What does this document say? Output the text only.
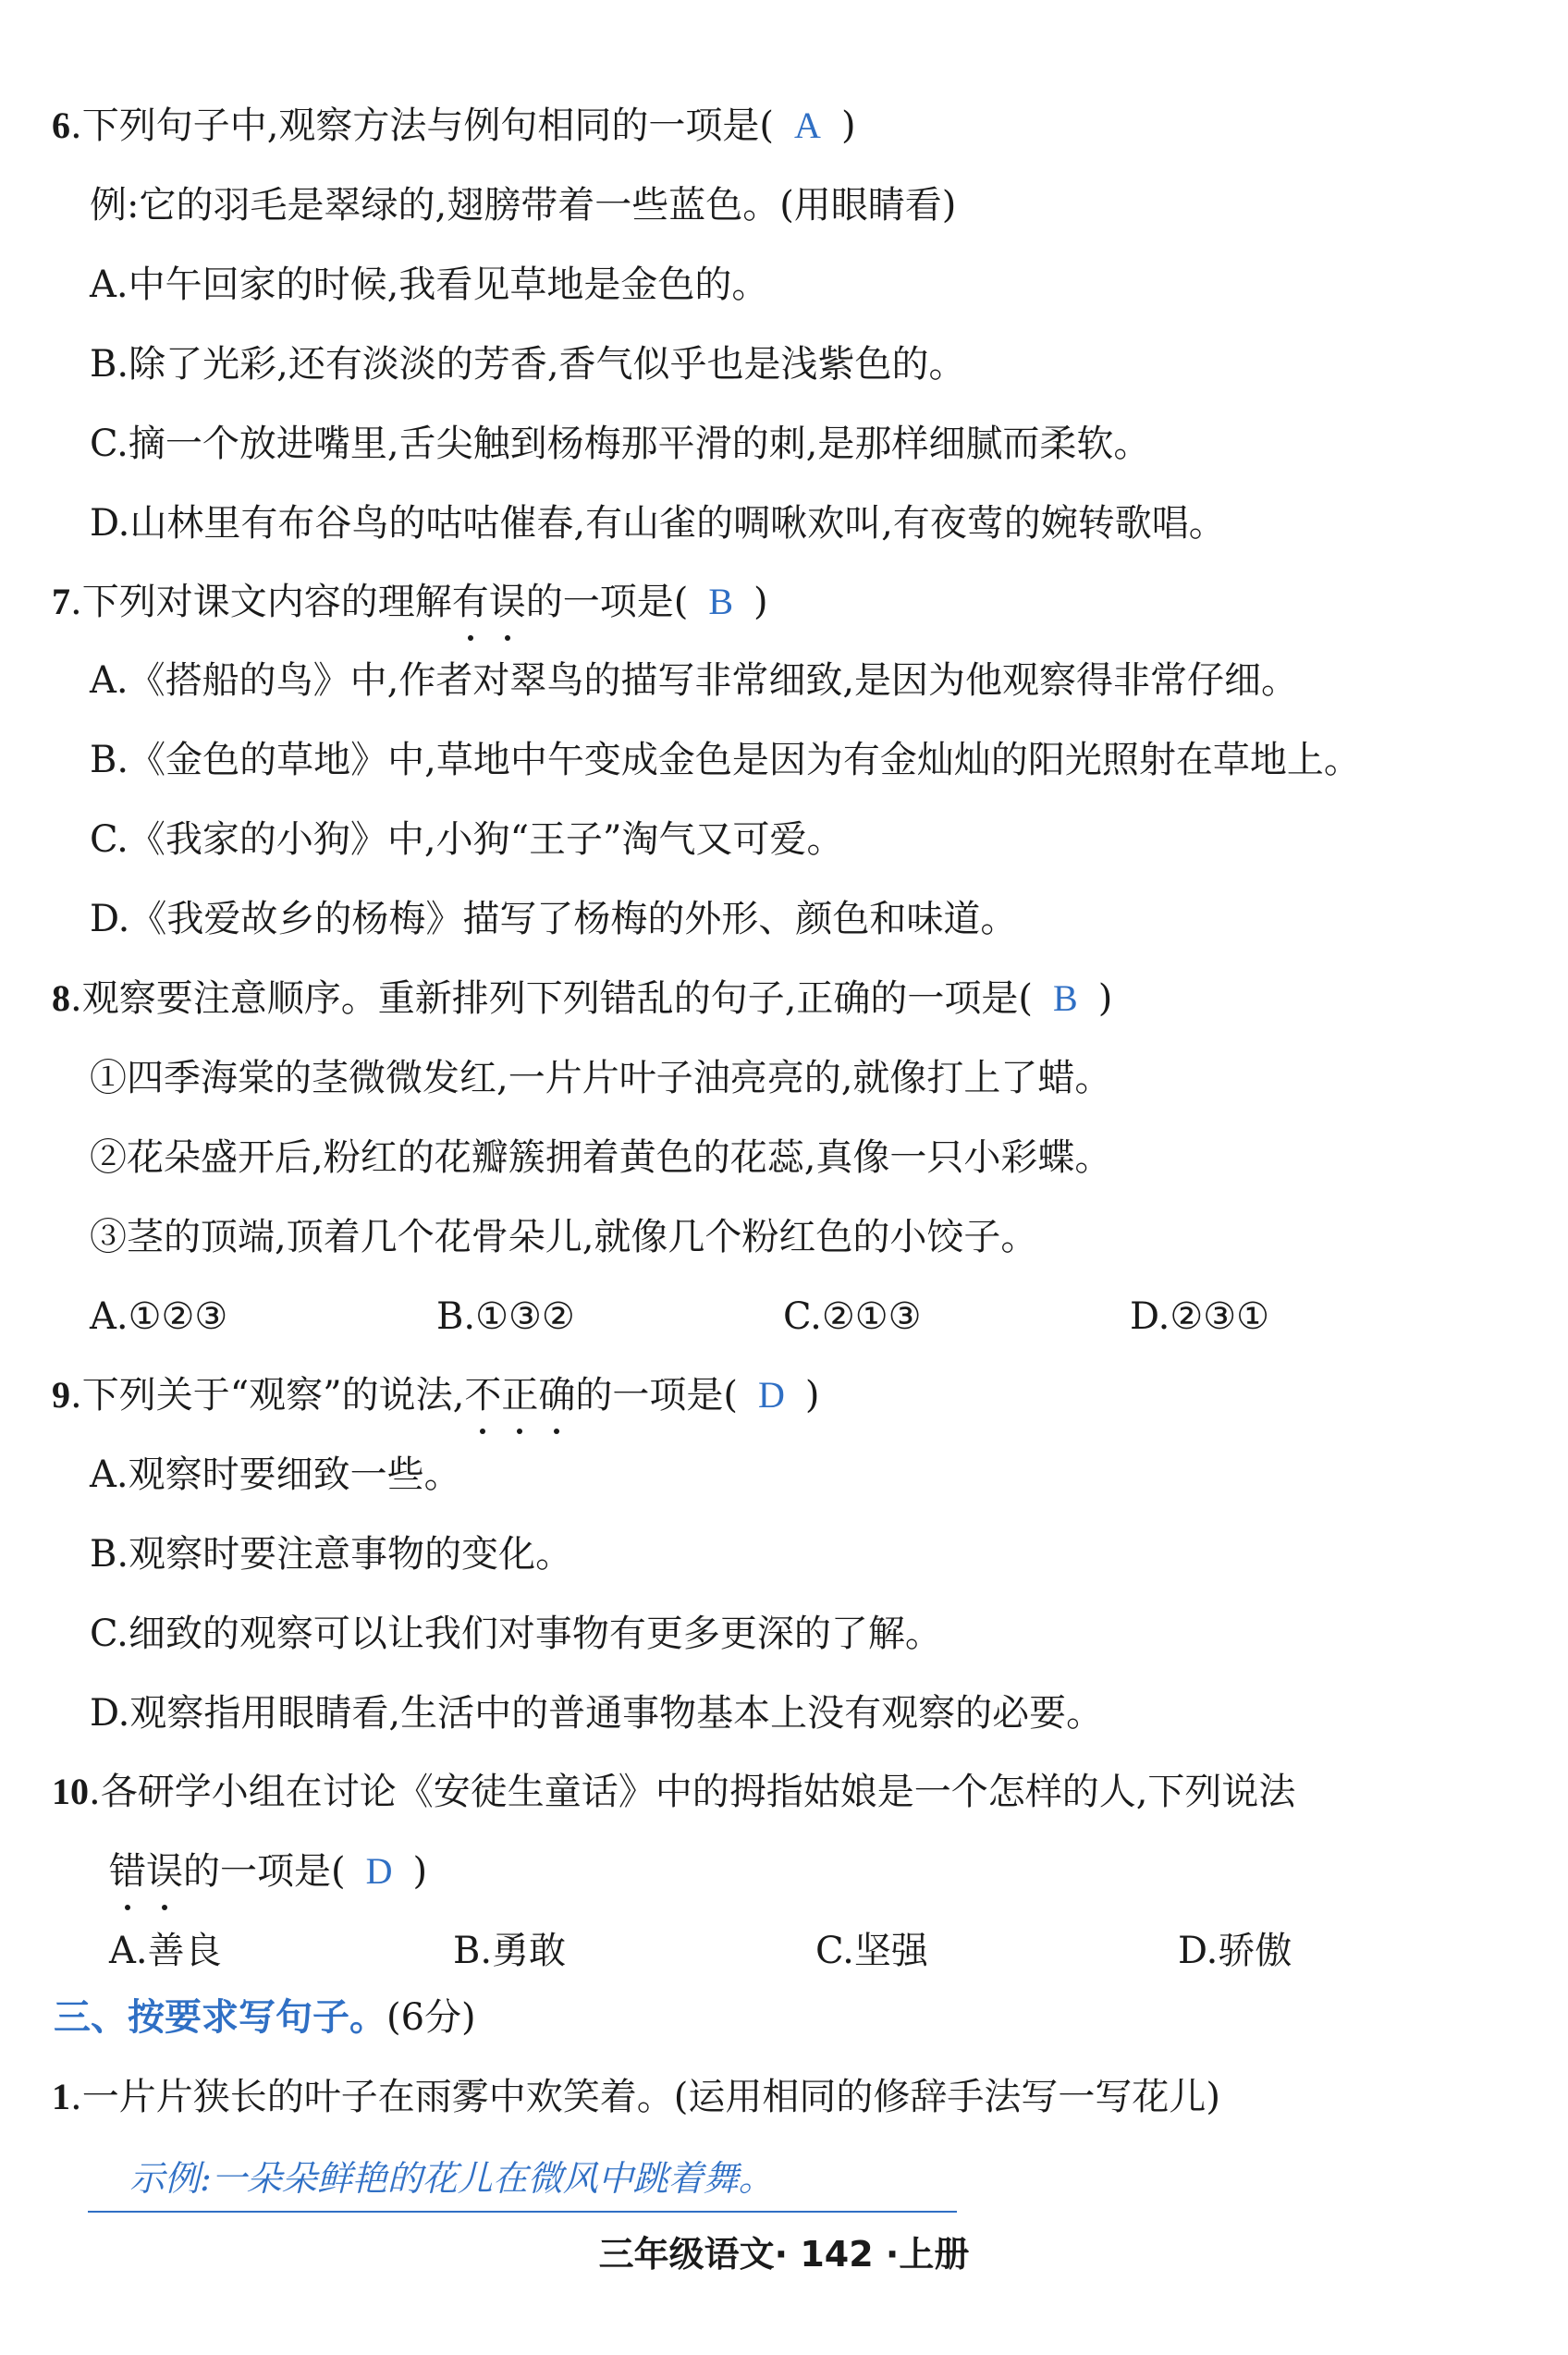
6.下列句子中,观察方法与例句相同的一项是( A )
例:它的羽毛是翠绿的,翅膀带着一些蓝色。(用眼睛看)
A.中午回家的时候,我看见草地是金色的。
B.除了光彩,还有淡淡的芳香,香气似乎也是浅紫色的。
C.摘一个放进嘴里,舌尖触到杨梅那平滑的刺,是那样细腻而柔软。
D.山林里有布谷鸟的咕咕催春,有山雀的啁啾欢叫,有夜莺的婉转歌唱。
7.下列对课文内容的理解有误的一项是( B )
A.《搭船的鸟》中,作者对翠鸟的描写非常细致,是因为他观察得非常仔细。
B.《金色的草地》中,草地中午变成金色是因为有金灿灿的阳光照射在草地上。
C.《我家的小狗》中,小狗“王子”淘气又可爱。
D.《我爱故乡的杨梅》描写了杨梅的外形、颜色和味道。
8.观察要注意顺序。重新排列下列错乱的句子,正确的一项是( B )
①四季海棠的茎微微发红,一片片叶子油亮亮的,就像打上了蜡。
②花朵盛开后,粉红的花瓣簇拥着黄色的花蕊,真像一只小彩蝶。
③茎的顶端,顶着几个花骨朵儿,就像几个粉红色的小饺子。
A.①②③	B.①③②	C.②①③	D.②③①
9.下列关于“观察”的说法,不正确的一项是( D )
A.观察时要细致一些。
B.观察时要注意事物的变化。
C.细致的观察可以让我们对事物有更多更深的了解。
D.观察指用眼睛看,生活中的普通事物基本上没有观察的必要。
10.各研学小组在讨论《安徒生童话》中的拇指姑娘是一个怎样的人,下列说法
错误的一项是( D )
A.善良	B.勇敢	C.坚强	D.骄傲
三、按要求写句子。(6分)
1.一片片狭长的叶子在雨雾中欢笑着。(运用相同的修辞手法写一写花儿)
示例:一朵朵鲜艳的花儿在微风中跳着舞。
三年级语文· 142 ·上册
